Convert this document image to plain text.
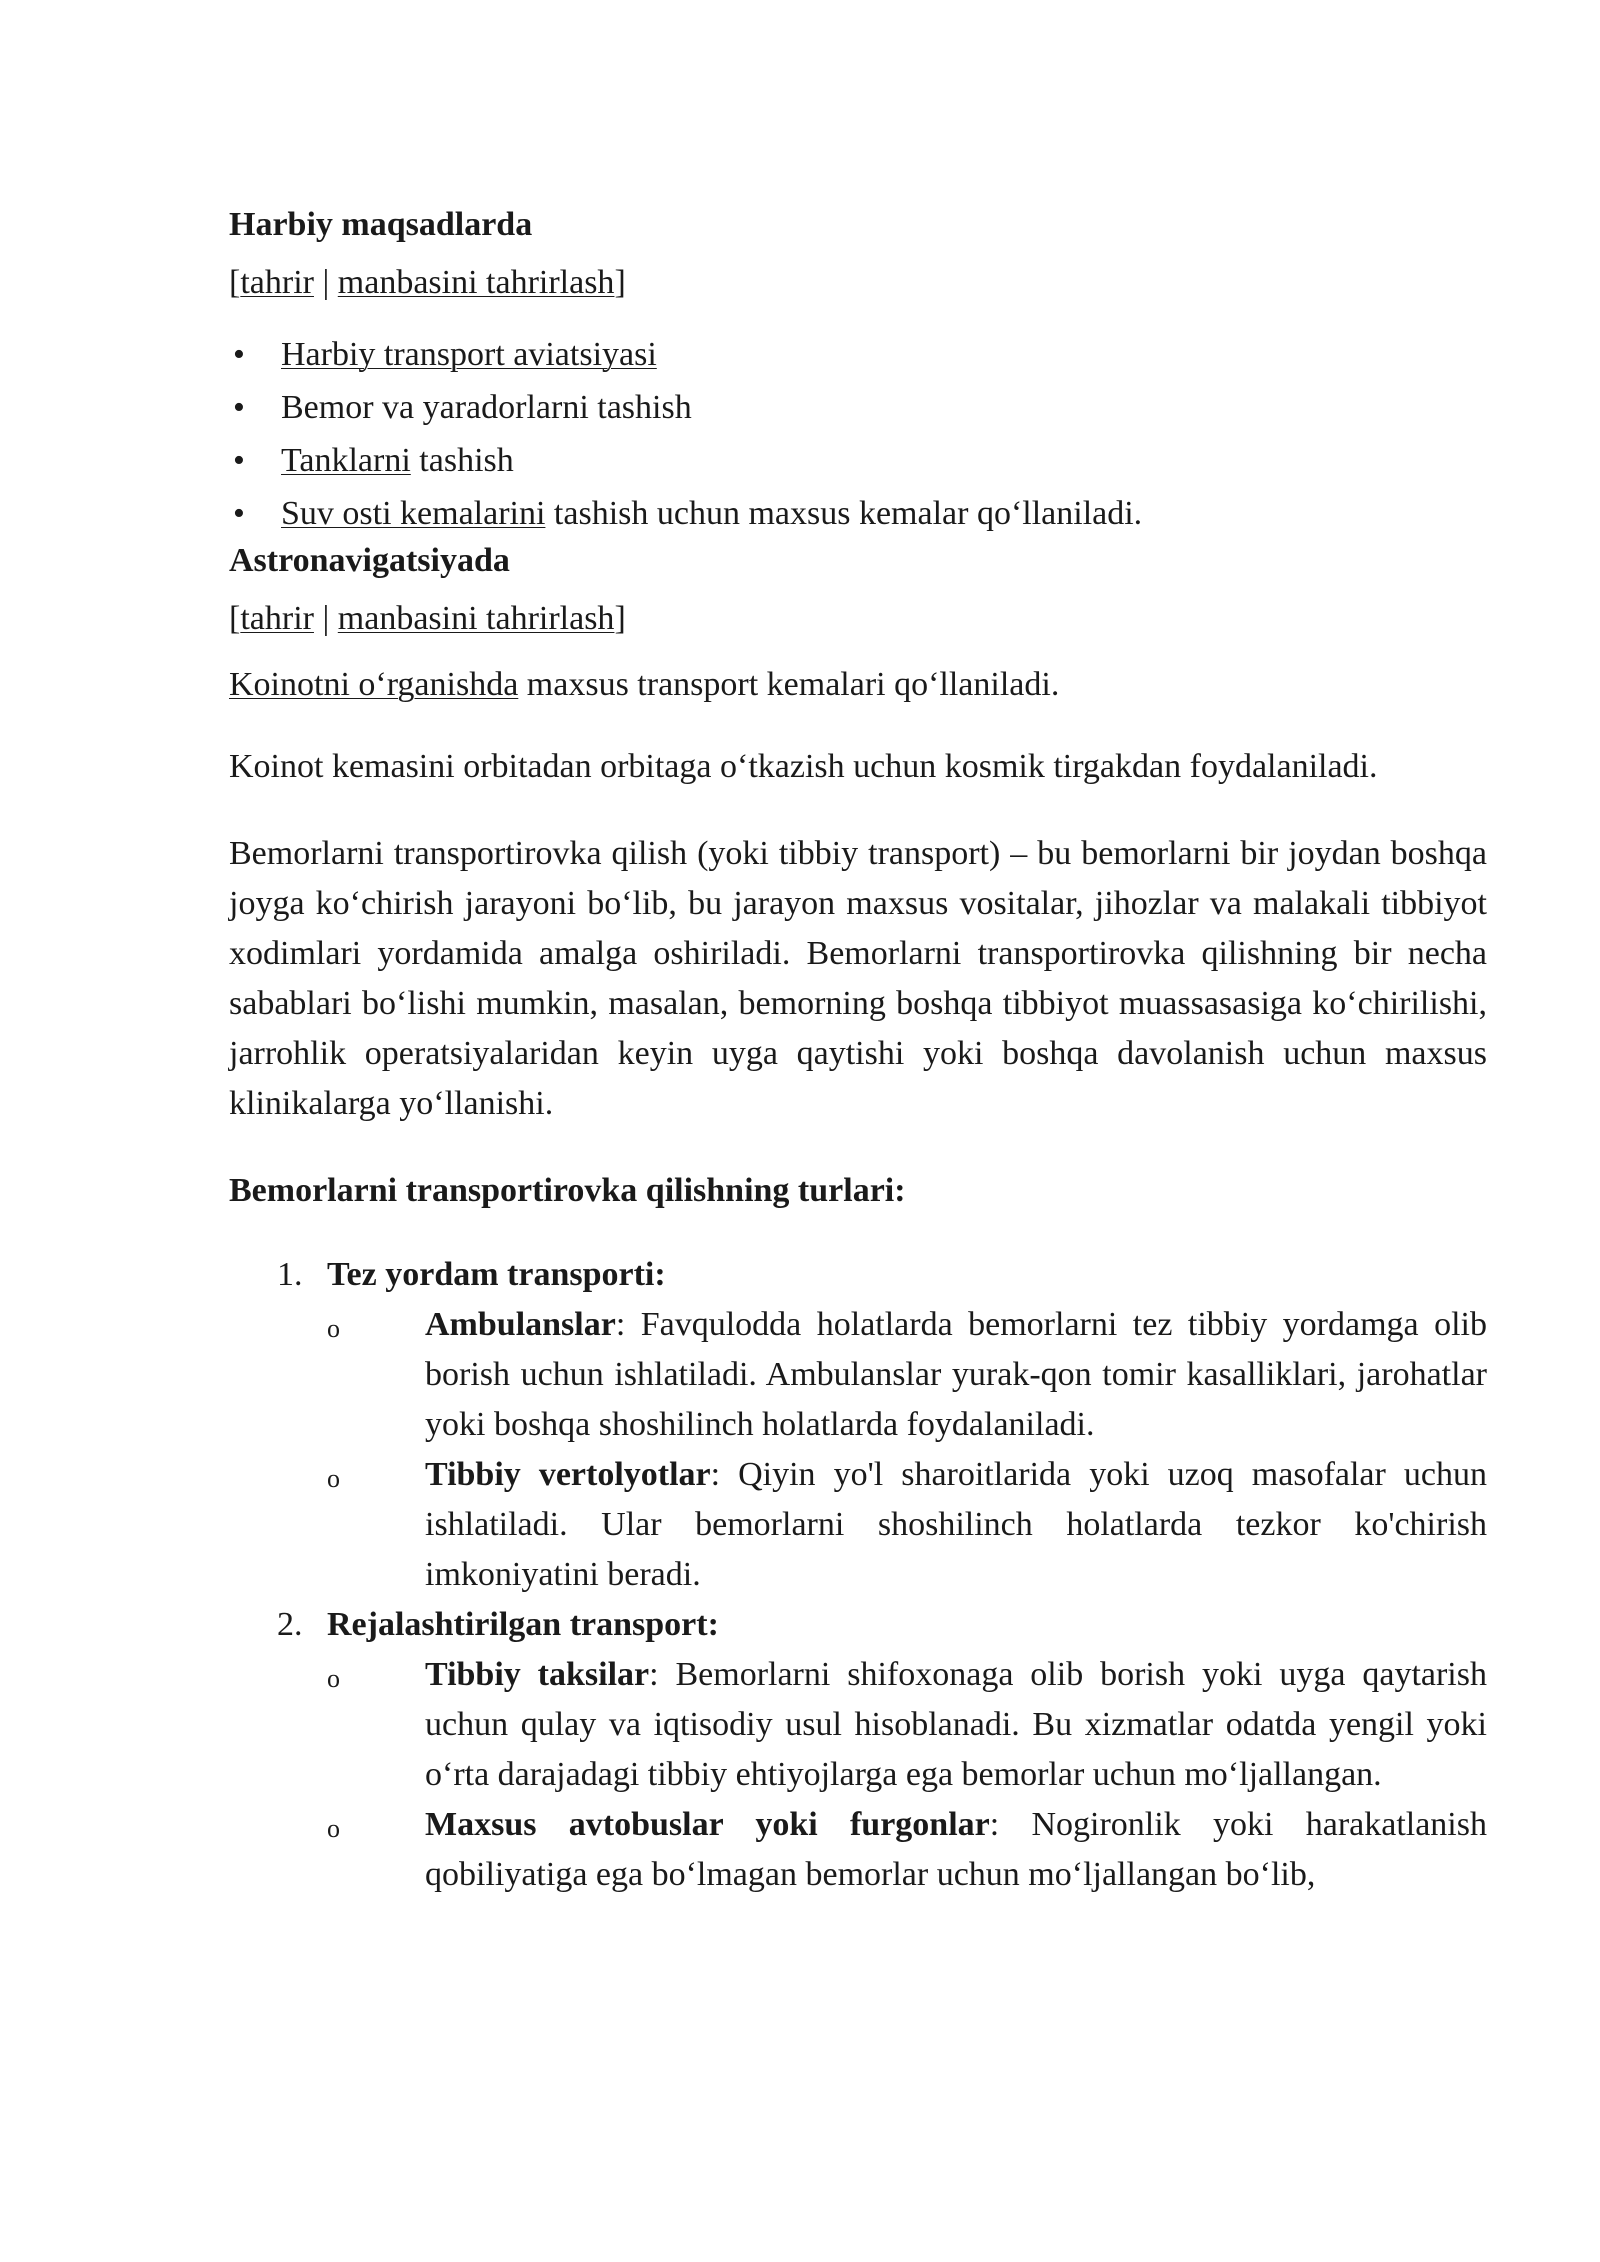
Harbiy maqsadlarda

[tahrir | manbasini tahrirlash]

• Harbiy transport aviatsiyasi
• Bemor va yaradorlarni tashish
• Tanklarni tashish
• Suv osti kemalarini tashish uchun maxsus kemalar qo‘llaniladi.

Astronavigatsiyada

[tahrir | manbasini tahrirlash]

Koinotni o‘rganishda maxsus transport kemalari qo‘llaniladi.

Koinot kemasini orbitadan orbitaga o‘tkazish uchun kosmik tirgakdan foydalaniladi.

Bemorlarni transportirovka qilish (yoki tibbiy transport) – bu bemorlarni bir joydan boshqa joyga ko‘chirish jarayoni bo‘lib, bu jarayon maxsus vositalar, jihozlar va malakali tibbiyot xodimlari yordamida amalga oshiriladi. Bemorlarni transportirovka qilishning bir necha sabablari bo‘lishi mumkin, masalan, bemorning boshqa tibbiyot muassasasiga ko‘chirilishi, jarrohlik operatsiyalaridan keyin uyga qaytishi yoki boshqa davolanish uchun maxsus klinikalarga yo‘llanishi.

Bemorlarni transportirovka qilishning turlari:

1. Tez yordam transporti:
o Ambulanslar: Favqulodda holatlarda bemorlarni tez tibbiy yordamga olib borish uchun ishlatiladi. Ambulanslar yurak-qon tomir kasalliklari, jarohatlar yoki boshqa shoshilinch holatlarda foydalaniladi.
o Tibbiy vertolyotlar: Qiyin yo'l sharoitlarida yoki uzoq masofalar uchun ishlatiladi. Ular bemorlarni shoshilinch holatlarda tezkor ko'chirish imkoniyatini beradi.
2. Rejalashtirilgan transport:
o Tibbiy taksilar: Bemorlarni shifoxonaga olib borish yoki uyga qaytarish uchun qulay va iqtisodiy usul hisoblanadi. Bu xizmatlar odatda yengil yoki o‘rta darajadagi tibbiy ehtiyojlarga ega bemorlar uchun mo‘ljallangan.
o Maxsus avtobuslar yoki furgonlar: Nogironlik yoki harakatlanish qobiliyatiga ega bo‘lmagan bemorlar uchun mo‘ljallangan bo‘lib,
